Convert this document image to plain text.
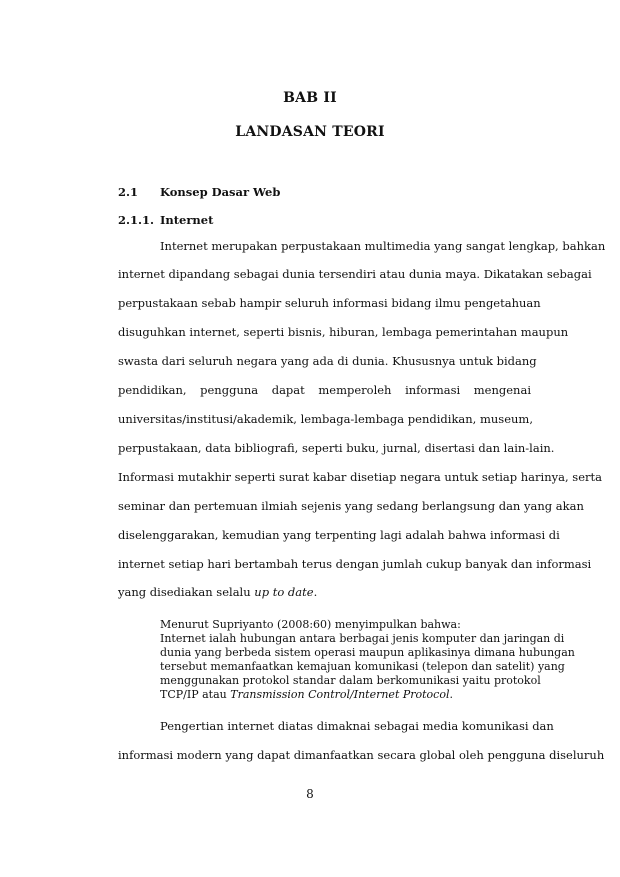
BAB II
LANDASAN TEORI
2.1 Konsep Dasar Web
2.1.1. Internet
Internet merupakan perpustakaan multimedia yang sangat lengkap, bahkan
internet dipandang sebagai dunia tersendiri atau dunia maya. Dikatakan sebagai
perpustakaan sebab hampir seluruh informasi bidang ilmu pengetahuan
disuguhkan internet, seperti bisnis, hiburan, lembaga pemerintahan maupun
swasta dari seluruh negara yang ada di dunia. Khususnya untuk bidang
pendidikan, pengguna dapat memperoleh informasi mengenai
universitas/institusi/akademik, lembaga-lembaga pendidikan, museum,
perpustakaan, data bibliografi, seperti buku, jurnal, disertasi dan lain-lain.
Informasi mutakhir seperti surat kabar disetiap negara untuk setiap harinya, serta
seminar dan pertemuan ilmiah sejenis yang sedang berlangsung dan yang akan
diselenggarakan, kemudian yang terpenting lagi adalah bahwa informasi di
internet setiap hari bertambah terus dengan jumlah cukup banyak dan informasi
yang disediakan selalu up to date.
Menurut Supriyanto (2008:60) menyimpulkan bahwa:
Internet ialah hubungan antara berbagai jenis komputer dan jaringan di
dunia yang berbeda sistem operasi maupun aplikasinya dimana hubungan
tersebut memanfaatkan kemajuan komunikasi (telepon dan satelit) yang
menggunakan protokol standar dalam berkomunikasi yaitu protokol
TCP/IP atau Transmission Control/Internet Protocol.
Pengertian internet diatas dimaknai sebagai media komunikasi dan
informasi modern yang dapat dimanfaatkan secara global oleh pengguna diseluruh
8
